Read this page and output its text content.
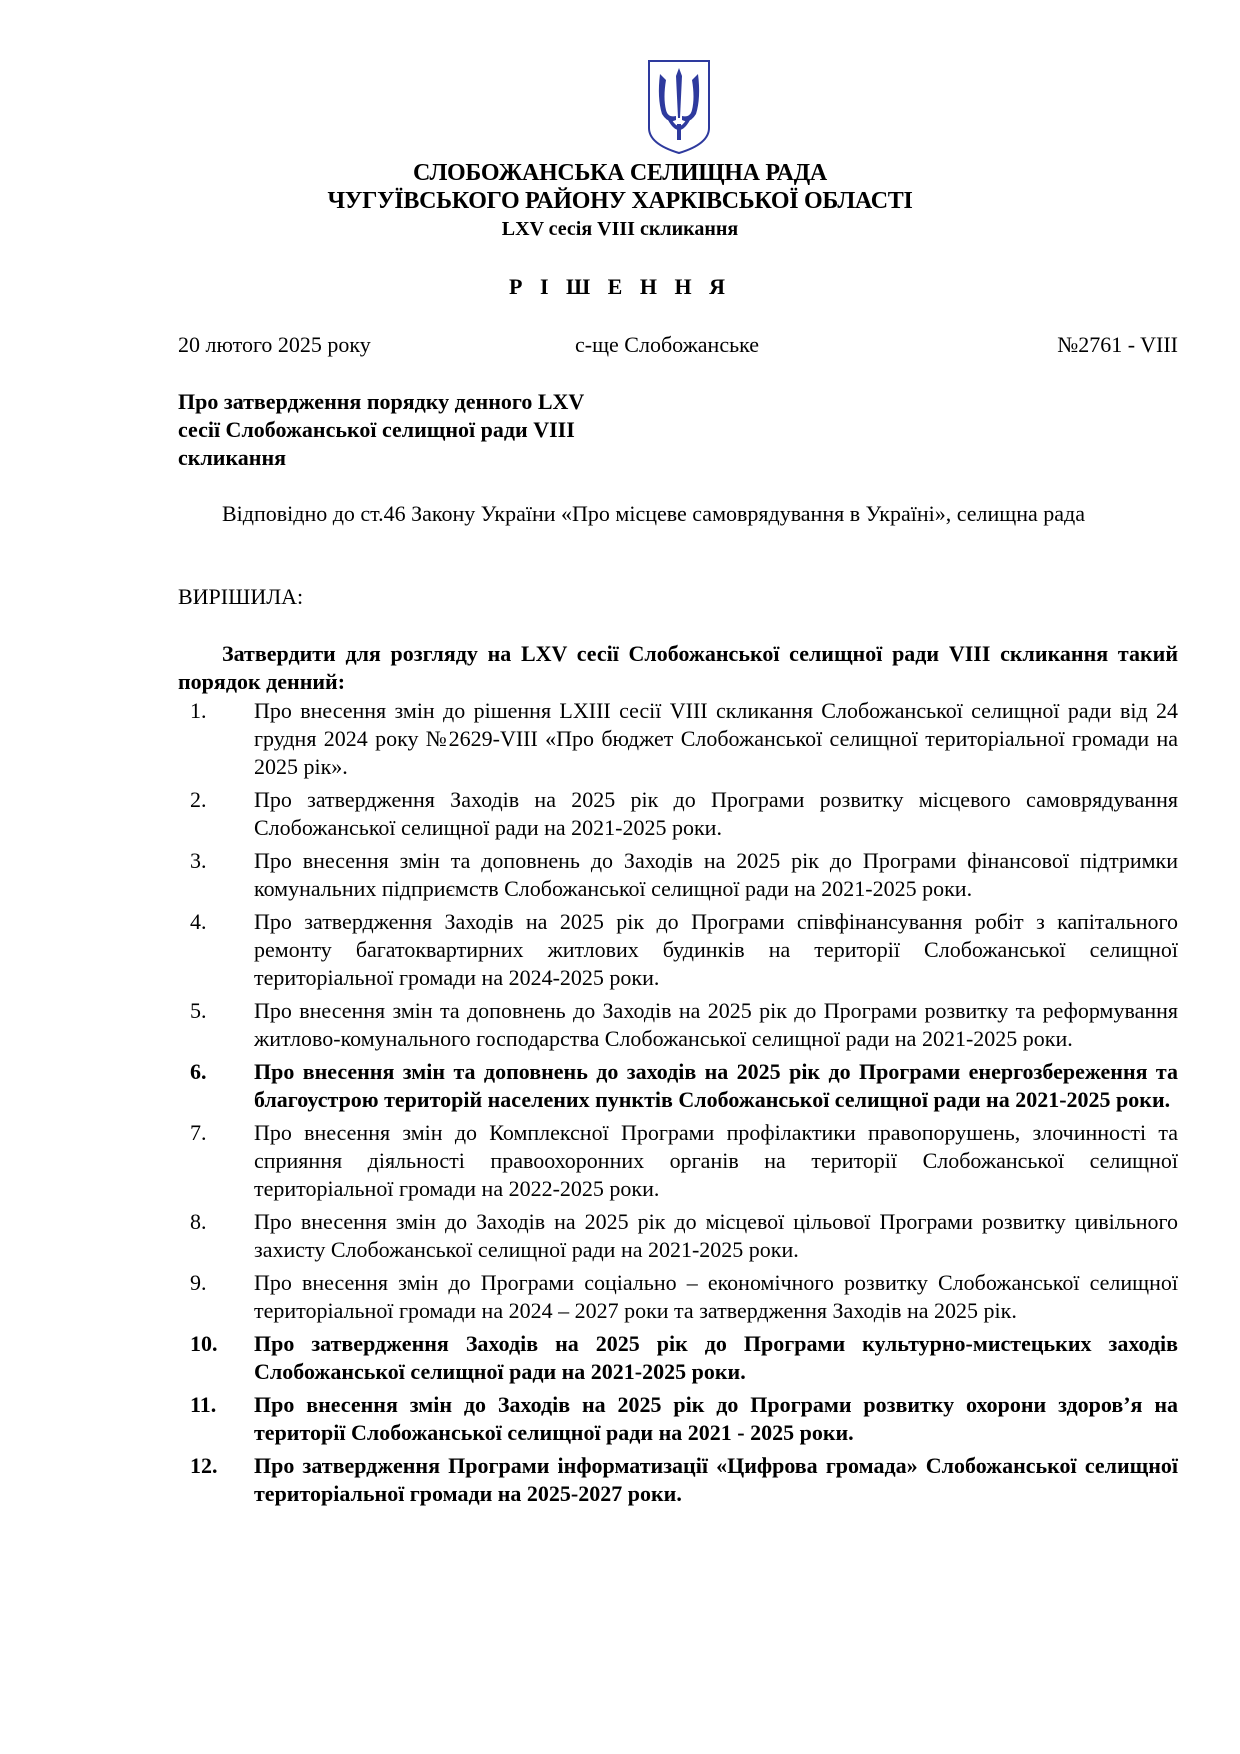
СЛОБОЖАНСЬКА СЕЛИЩНА РАДА
ЧУГУЇВСЬКОГО РАЙОНУ ХАРКІВСЬКОЇ ОБЛАСТІ
LXV сесія VIII скликання
Р І Ш Е Н Н Я
20 лютого 2025 року	с-ще Слобожанське	№2761 - VIII
Про затвердження порядку денного LXV сесії Слобожанської селищної ради VIII скликання
Відповідно до ст.46 Закону України «Про місцеве самоврядування в Україні», селищна рада
ВИРІШИЛА:
Затвердити для розгляду на LXV сесії Слобожанської селищної ради VIII скликання такий порядок денний:
1.	Про внесення змін до рішення LXIII сесії VIII скликання Слобожанської селищної ради від 24 грудня 2024 року №2629-VIII «Про бюджет Слобожанської селищної територіальної громади на 2025 рік».
2.	Про затвердження Заходів на 2025 рік до Програми розвитку місцевого самоврядування Слобожанської селищної ради на 2021-2025 роки.
3.	Про внесення змін та доповнень до Заходів на 2025 рік до Програми фінансової підтримки комунальних підприємств Слобожанської селищної ради на 2021-2025 роки.
4.	Про затвердження Заходів на 2025 рік до Програми співфінансування робіт з капітального ремонту багатоквартирних житлових будинків на території Слобожанської селищної територіальної громади на 2024-2025 роки.
5.	Про внесення змін та доповнень до Заходів на 2025 рік до Програми розвитку та реформування житлово-комунального господарства Слобожанської селищної ради на 2021-2025 роки.
6.	Про внесення змін та доповнень до заходів на 2025 рік до Програми енергозбереження та благоустрою територій населених пунктів Слобожанської селищної ради на 2021-2025 роки.
7.	Про внесення змін до Комплексної Програми профілактики правопорушень, злочинності та сприяння діяльності правоохоронних органів на території Слобожанської селищної територіальної громади на 2022-2025 роки.
8.	Про внесення змін до Заходів на 2025 рік до місцевої цільової Програми розвитку цивільного захисту Слобожанської селищної ради на 2021-2025 роки.
9.	Про внесення змін до Програми соціально – економічного розвитку Слобожанської селищної територіальної громади на 2024 – 2027 роки та затвердження Заходів на 2025 рік.
10.	Про затвердження Заходів на 2025 рік до Програми культурно-мистецьких заходів Слобожанської селищної ради на 2021-2025 роки.
11.	Про внесення змін до Заходів на 2025 рік до Програми розвитку охорони здоров’я на території Слобожанської селищної ради на 2021 - 2025 роки.
12.	Про затвердження Програми інформатизації «Цифрова громада» Слобожанської селищної територіальної громади на 2025-2027 роки.
